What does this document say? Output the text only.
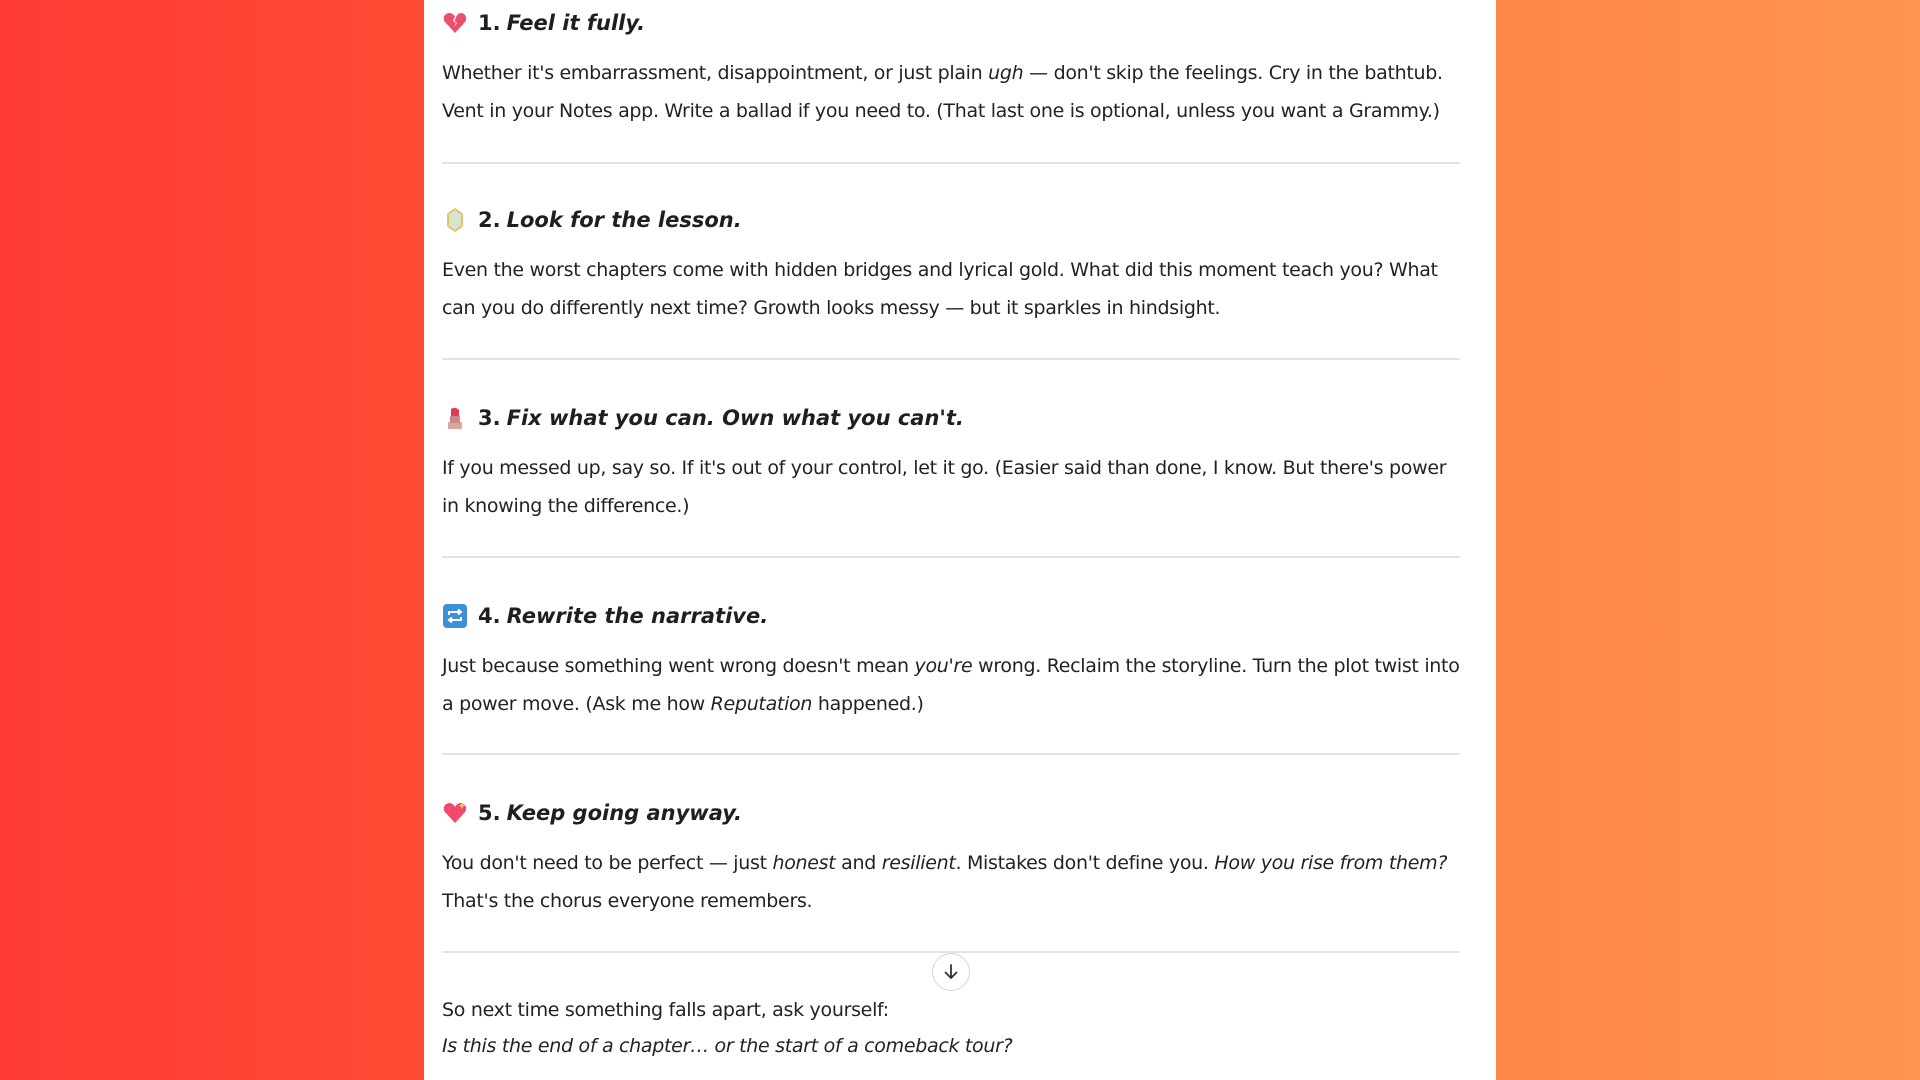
1. Feel it fully.
Whether it's embarrassment, disappointment, or just plain ugh — don't skip the feelings. Cry in the bathtub. Vent in your Notes app. Write a ballad if you need to. (That last one is optional, unless you want a Grammy.)
2. Look for the lesson.
Even the worst chapters come with hidden bridges and lyrical gold. What did this moment teach you? What can you do differently next time? Growth looks messy — but it sparkles in hindsight.
3. Fix what you can. Own what you can't.
If you messed up, say so. If it's out of your control, let it go. (Easier said than done, I know. But there's power in knowing the difference.)
4. Rewrite the narrative.
Just because something went wrong doesn't mean you're wrong. Reclaim the storyline. Turn the plot twist into a power move. (Ask me how Reputation happened.)
5. Keep going anyway.
You don't need to be perfect — just honest and resilient. Mistakes don't define you. How you rise from them? That's the chorus everyone remembers.
So next time something falls apart, ask yourself:
Is this the end of a chapter… or the start of a comeback tour?
